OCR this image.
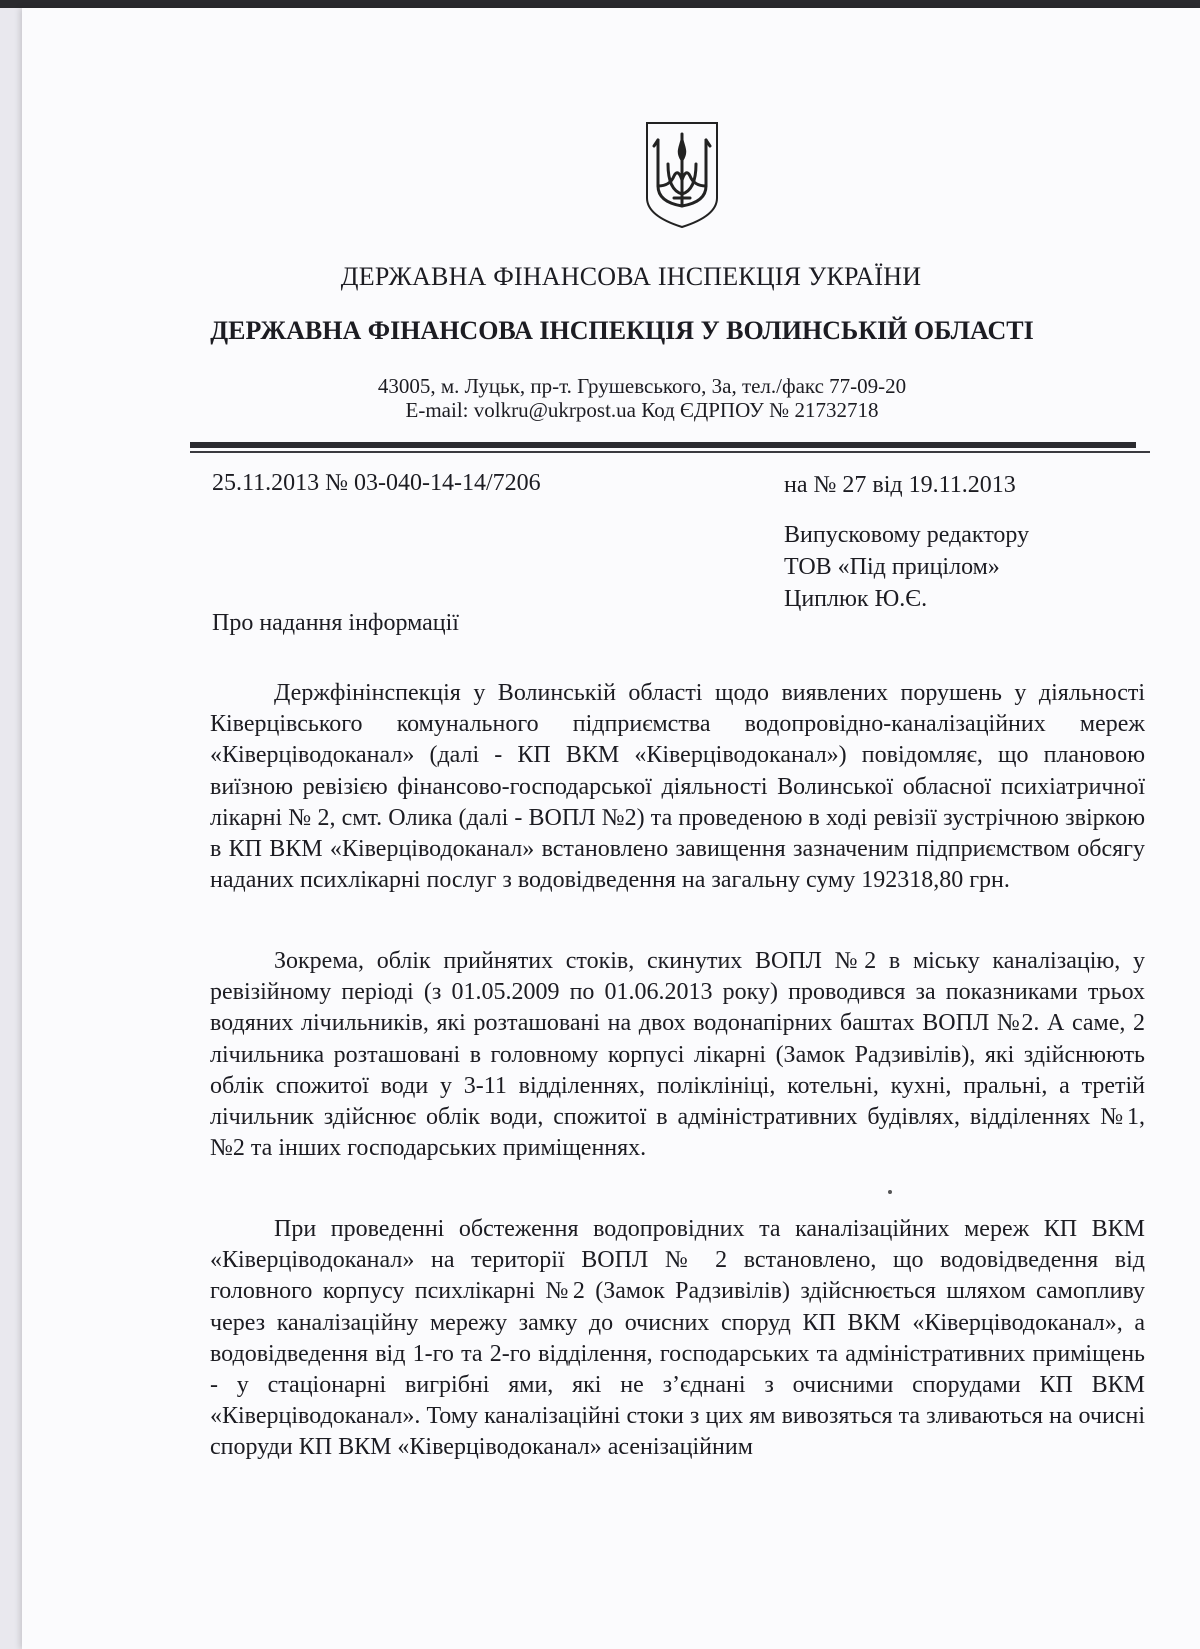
ДЕРЖАВНА ФІНАНСОВА ІНСПЕКЦІЯ УКРАЇНИ
ДЕРЖАВНА ФІНАНСОВА ІНСПЕКЦІЯ У ВОЛИНСЬКІЙ ОБЛАСТІ
43005, м. Луцьк, пр-т. Грушевського, 3а, тел./факс 77-09-20
E-mail: volkru@ukrpost.ua Код ЄДРПОУ № 21732718
25.11.2013 № 03-040-14-14/7206	на № 27 від 19.11.2013
Випусковому редактору
ТОВ «Під прицілом»
Циплюк Ю.Є.
Про надання інформації

Держфінінспекція у Волинській області щодо виявлених порушень у діяльності Ківерцівського комунального підприємства водопровідно-каналізаційних мереж «Ківерцiводоканал» (далі - КП ВКМ «Ківерцiводоканал») повідомляє, що плановою виїзною ревізією фінансово-господарської діяльності Волинської обласної психіатричної лікарні № 2, смт. Олика (далі - ВОПЛ №2) та проведеною в ході ревізії зустрічною звіркою в КП ВКМ «Ківерцiводоканал» встановлено завищення зазначеним підприємством обсягу наданих психлікарні послуг з водовідведення на загальну суму 192318,80 грн.

Зокрема, облік прийнятих стоків, скинутих ВОПЛ №2 в міську каналізацію, у ревізійному періоді (з 01.05.2009 по 01.06.2013 року) проводився за показниками трьох водяних лічильників, які розташовані на двох водонапірних баштах ВОПЛ №2. А саме, 2 лічильника розташовані в головному корпусі лікарні (Замок Радзивілів), які здійснюють облік спожитої води у 3-11 відділеннях, поліклініці, котельні, кухні, пральні, а третій лічильник здійснює облік води, спожитої в адміністративних будівлях, відділеннях №1, №2 та інших господарських приміщеннях.

При проведенні обстеження водопровідних та каналізаційних мереж КП ВКМ «Ківерцiводоканал» на території ВОПЛ № 2 встановлено, що водовідведення від головного корпусу психлікарні №2 (Замок Радзивілів) здійснюється шляхом самопливу через каналізаційну мережу замку до очисних споруд КП ВКМ «Ківерцiводоканал», а водовідведення від 1-го та 2-го відділення, господарських та адміністративних приміщень - у стаціонарні вигрібні ями, які не з’єднані з очисними спорудами КП ВКМ «Ківерцiводоканал». Тому каналізаційні стоки з цих ям вивозяться та зливаються на очисні споруди КП ВКМ «Ківерцiводоканал» асенізаційним
